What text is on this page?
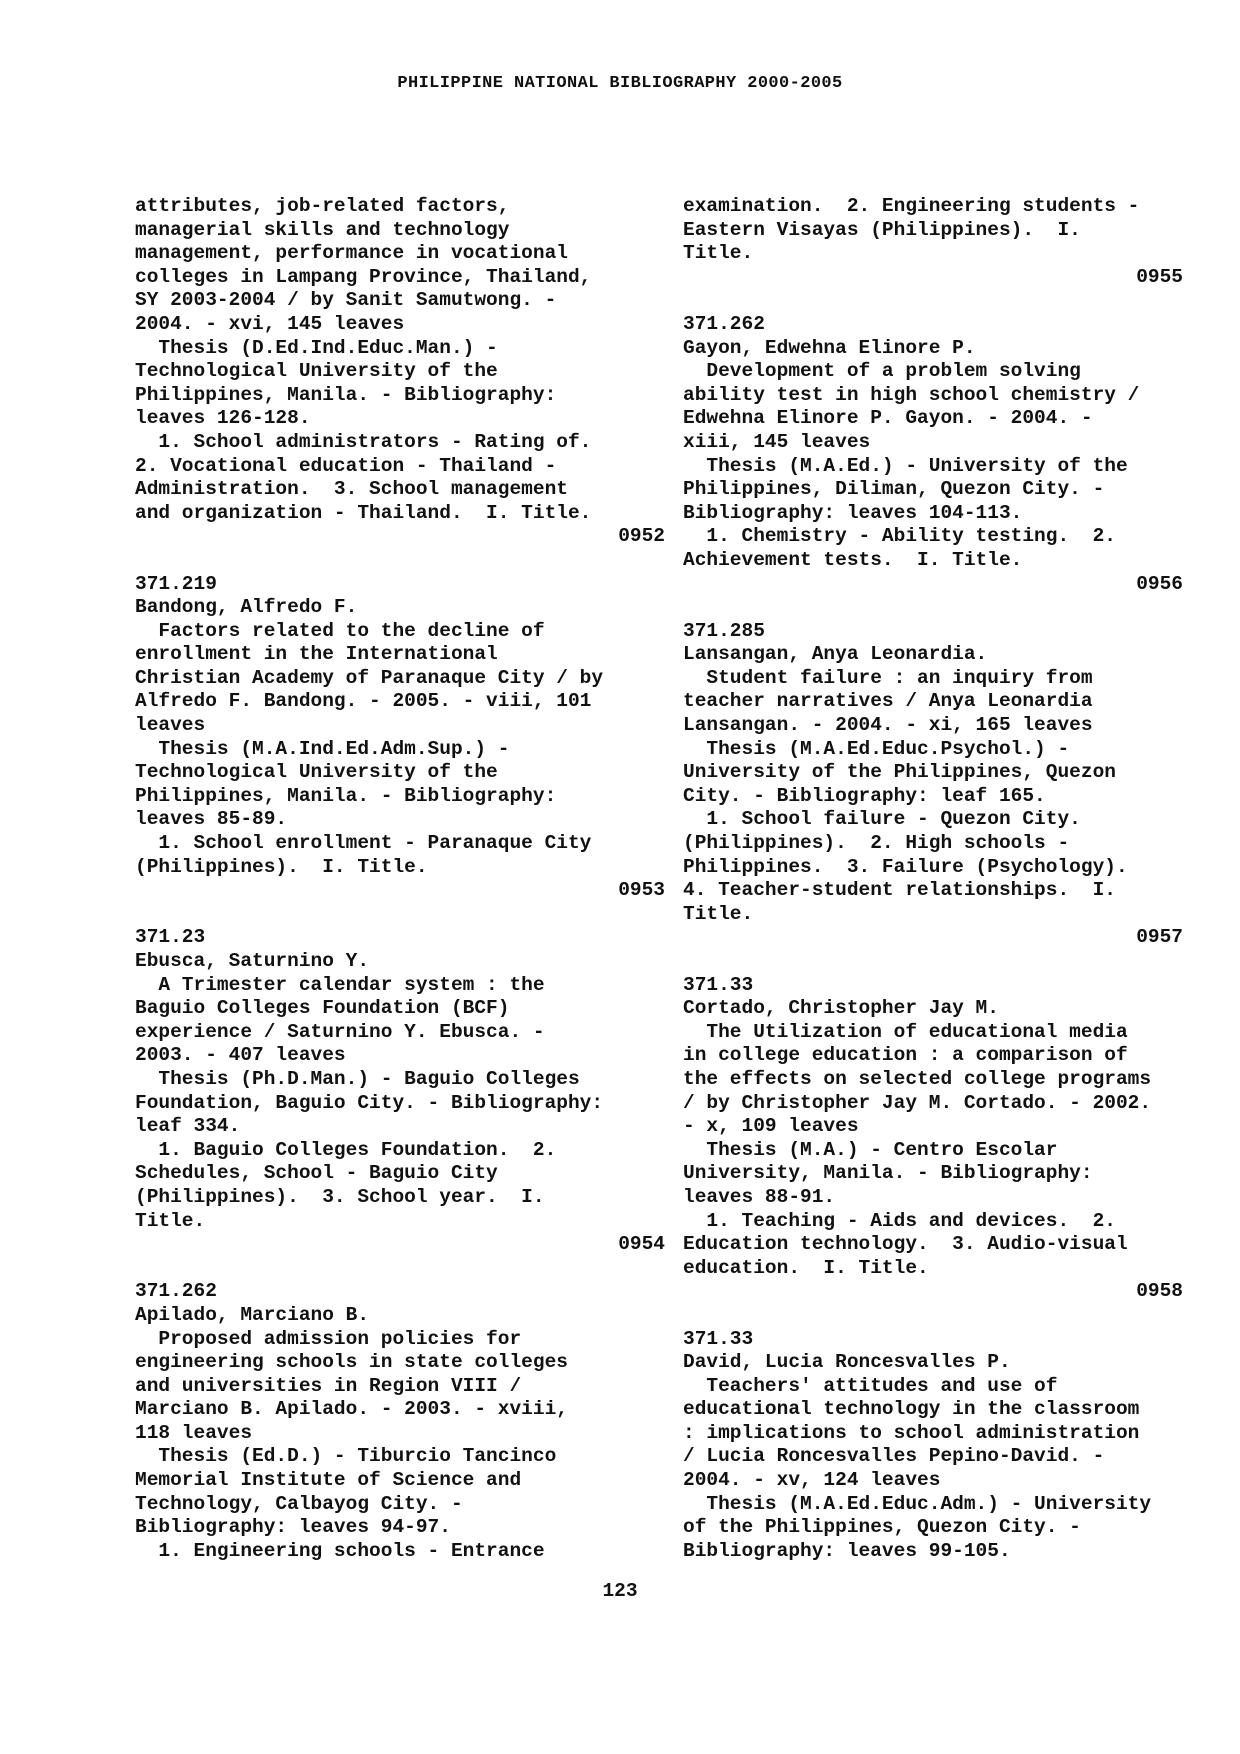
PHILIPPINE NATIONAL BIBLIOGRAPHY 2000-2005
attributes, job-related factors,
managerial skills and technology
management, performance in vocational
colleges in Lampang Province, Thailand,
SY 2003-2004 / by Sanit Samutwong. -
2004. - xvi, 145 leaves
Thesis (D.Ed.Ind.Educ.Man.) -
Technological University of the
Philippines, Manila. - Bibliography:
leaves 126-128.
1. School administrators - Rating of.
2. Vocational education - Thailand -
Administration.  3. School management
and organization - Thailand.  I. Title.
0952
371.219
Bandong, Alfredo F.
Factors related to the decline of
enrollment in the International
Christian Academy of Paranaque City / by
Alfredo F. Bandong. - 2005. - viii, 101
leaves
Thesis (M.A.Ind.Ed.Adm.Sup.) -
Technological University of the
Philippines, Manila. - Bibliography:
leaves 85-89.
1. School enrollment - Paranaque City
(Philippines).  I. Title.
0953
371.23
Ebusca, Saturnino Y.
A Trimester calendar system : the
Baguio Colleges Foundation (BCF)
experience / Saturnino Y. Ebusca. -
2003. - 407 leaves
Thesis (Ph.D.Man.) - Baguio Colleges
Foundation, Baguio City. - Bibliography:
leaf 334.
1. Baguio Colleges Foundation.  2.
Schedules, School - Baguio City
(Philippines).  3. School year.  I.
Title.
0954
371.262
Apilado, Marciano B.
Proposed admission policies for
engineering schools in state colleges
and universities in Region VIII /
Marciano B. Apilado. - 2003. - xviii,
118 leaves
Thesis (Ed.D.) - Tiburcio Tancinco
Memorial Institute of Science and
Technology, Calbayog City. -
Bibliography: leaves 94-97.
1. Engineering schools - Entrance
examination.  2. Engineering students -
Eastern Visayas (Philippines).  I.
Title.
0955
371.262
Gayon, Edwehna Elinore P.
Development of a problem solving
ability test in high school chemistry /
Edwehna Elinore P. Gayon. - 2004. -
xiii, 145 leaves
Thesis (M.A.Ed.) - University of the
Philippines, Diliman, Quezon City. -
Bibliography: leaves 104-113.
1. Chemistry - Ability testing.  2.
Achievement tests.  I. Title.
0956
371.285
Lansangan, Anya Leonardia.
Student failure : an inquiry from
teacher narratives / Anya Leonardia
Lansangan. - 2004. - xi, 165 leaves
Thesis (M.A.Ed.Educ.Psychol.) -
University of the Philippines, Quezon
City. - Bibliography: leaf 165.
1. School failure - Quezon City.
(Philippines).  2. High schools -
Philippines.  3. Failure (Psychology).
4. Teacher-student relationships.  I.
Title.
0957
371.33
Cortado, Christopher Jay M.
The Utilization of educational media
in college education : a comparison of
the effects on selected college programs
/ by Christopher Jay M. Cortado. - 2002.
- x, 109 leaves
Thesis (M.A.) - Centro Escolar
University, Manila. - Bibliography:
leaves 88-91.
1. Teaching - Aids and devices.  2.
Education technology.  3. Audio-visual
education.  I. Title.
0958
371.33
David, Lucia Roncesvalles P.
Teachers' attitudes and use of
educational technology in the classroom
: implications to school administration
/ Lucia Roncesvalles Pepino-David. -
2004. - xv, 124 leaves
Thesis (M.A.Ed.Educ.Adm.) - University
of the Philippines, Quezon City. -
Bibliography: leaves 99-105.
123
